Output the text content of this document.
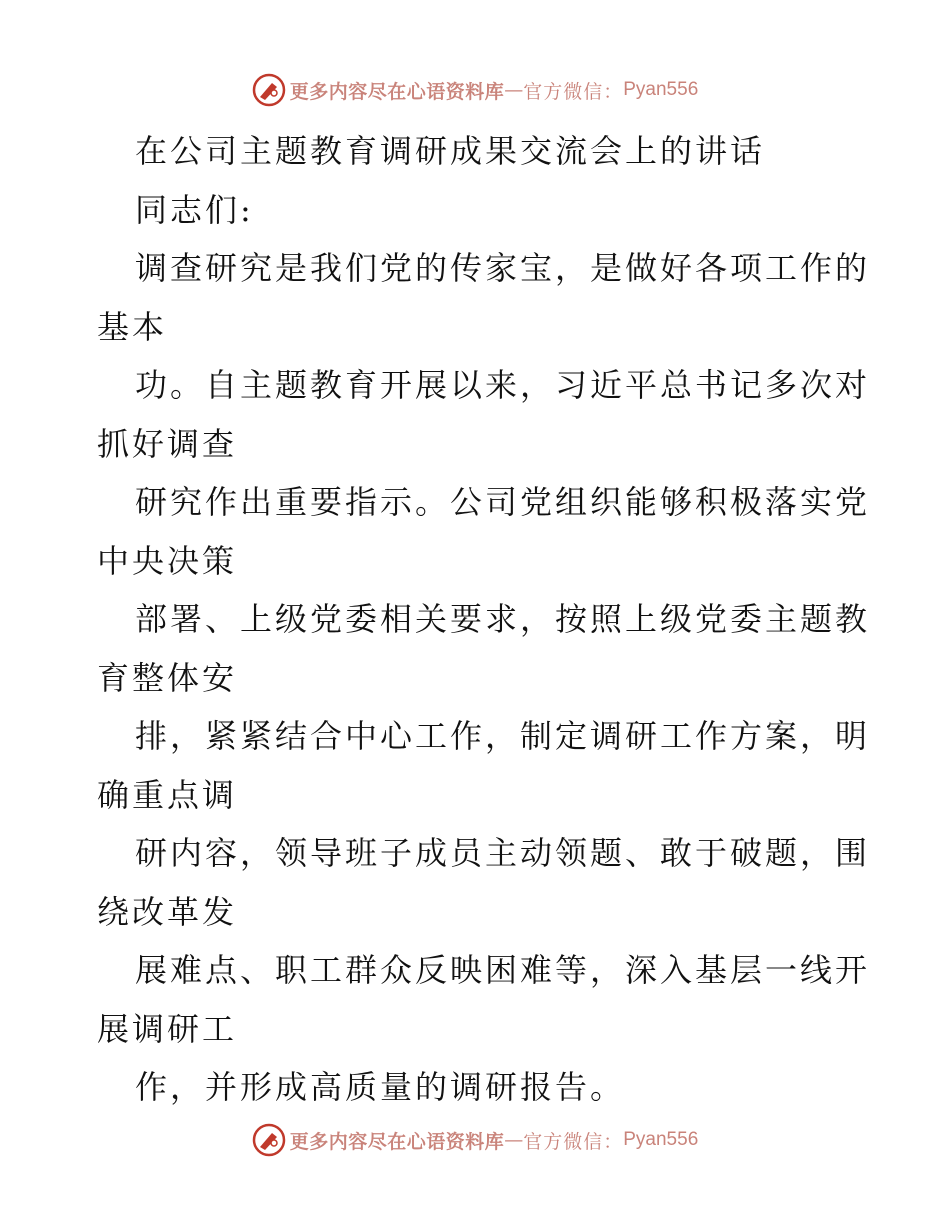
更多内容尽在心语资料库 — 官方微信： Pyan556
在公司主题教育调研成果交流会上的讲话
同志们:
调查研究是我们党的传家宝，是做好各项工作的
基本
功。自主题教育开展以来，习近平总书记多次对
抓好调查
研究作出重要指示。公司党组织能够积极落实党
中央决策
部署、上级党委相关要求，按照上级党委主题教
育整体安
排，紧紧结合中心工作，制定调研工作方案，明
确重点调
研内容，领导班子成员主动领题、敢于破题，围
绕改革发
展难点、职工群众反映困难等，深入基层一线开
展调研工
作，并形成高质量的调研报告。
更多内容尽在心语资料库 — 官方微信： Pyan556
